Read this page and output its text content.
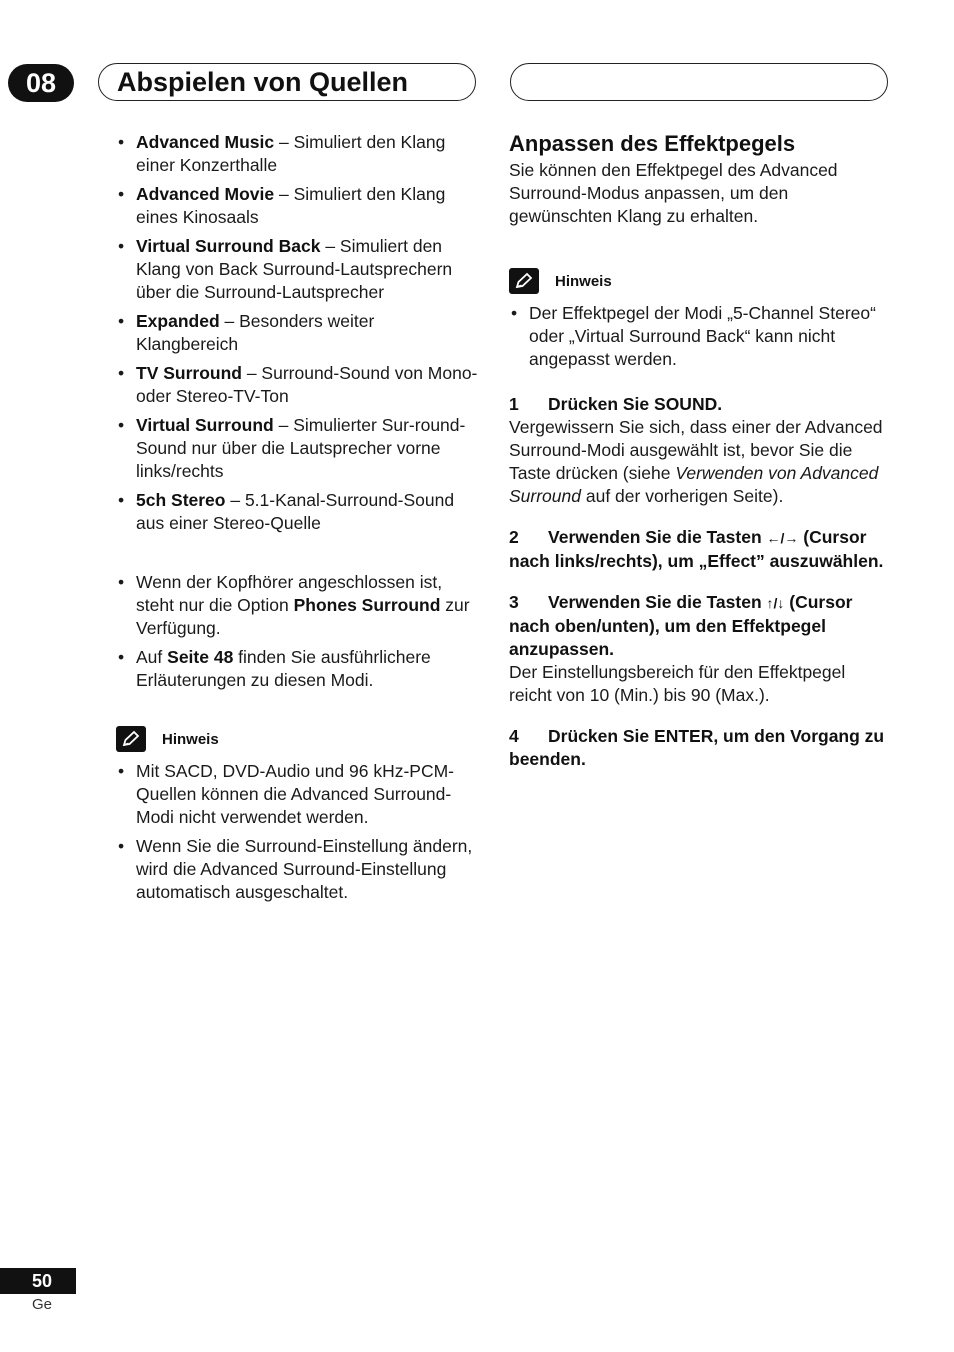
08	Abspielen von Quellen
• Advanced Music – Simuliert den Klang einer Konzerthalle
• Advanced Movie – Simuliert den Klang eines Kinosaals
• Virtual Surround Back – Simuliert den Klang von Back Surround-Lautsprechern über die Surround-Lautsprecher
• Expanded – Besonders weiter Klangbereich
• TV Surround – Surround-Sound von Mono- oder Stereo-TV-Ton
• Virtual Surround – Simulierter Sur-round-Sound nur über die Lautsprecher vorne links/rechts
• 5ch Stereo – 5.1-Kanal-Surround-Sound aus einer Stereo-Quelle
• Wenn der Kopfhörer angeschlossen ist, steht nur die Option Phones Surround zur Verfügung.
• Auf Seite 48 finden Sie ausführlichere Erläuterungen zu diesen Modi.
Hinweis
• Mit SACD, DVD-Audio und 96 kHz-PCM-Quellen können die Advanced Surround-Modi nicht verwendet werden.
• Wenn Sie die Surround-Einstellung ändern, wird die Advanced Surround-Einstellung automatisch ausgeschaltet.
Anpassen des Effektpegels

Sie können den Effektpegel des Advanced Surround-Modus anpassen, um den gewünschten Klang zu erhalten.

Hinweis
• Der Effektpegel der Modi „5-Channel Stereo“ oder „Virtual Surround Back“ kann nicht angepasst werden.

1 Drücken Sie SOUND.

Vergewissern Sie sich, dass einer der Advanced Surround-Modi ausgewählt ist, bevor Sie die Taste drücken (siehe Verwenden von Advanced Surround auf der vorherigen Seite).

2 Verwenden Sie die Tasten ←/→ (Cursor nach links/rechts), um „Effect” auszuwählen.

3 Verwenden Sie die Tasten ↑/↓ (Cursor nach oben/unten), um den Effektpegel anzupassen.

Der Einstellungsbereich für den Effektpegel reicht von 10 (Min.) bis 90 (Max.).

4 Drücken Sie ENTER, um den Vorgang zu beenden.

50
Ge
